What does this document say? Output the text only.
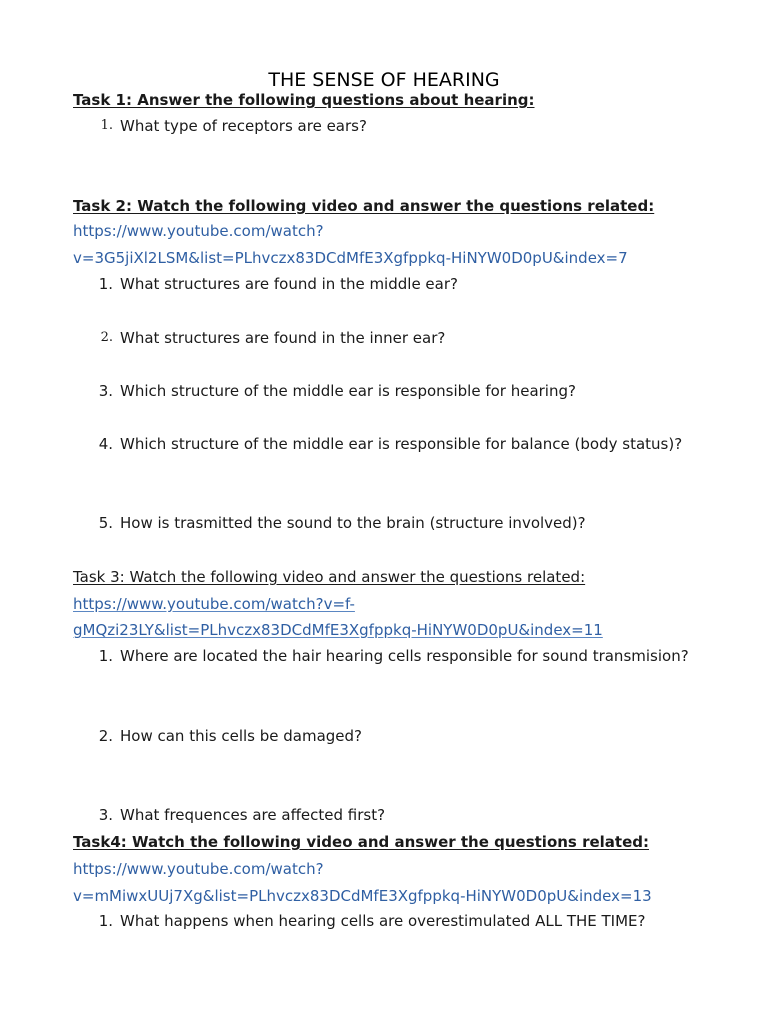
THE SENSE OF HEARING
Task 1: Answer the following questions about hearing:
1. What type of receptors are ears?
Task 2: Watch the following video and answer the questions related:
https://www.youtube.com/watch?
v=3G5jiXl2LSM&list=PLhvczx83DCdMfE3Xgfppkq-HiNYW0D0pU&index=7
1. What structures are found in the middle ear?
2. What structures are found in the inner ear?
3. Which structure of the middle ear is responsible for hearing?
4. Which structure of the middle ear is responsible for balance (body status)?
5. How is trasmitted the sound to the brain (structure involved)?
Task 3: Watch the following video and answer the questions related:
https://www.youtube.com/watch?v=f-
gMQzi23LY&list=PLhvczx83DCdMfE3Xgfppkq-HiNYW0D0pU&index=11
1. Where are located the hair hearing cells responsible for sound transmision?
2. How can this cells be damaged?
3. What frequences are affected first?
Task4: Watch the following video and answer the questions related:
https://www.youtube.com/watch?
v=mMiwxUUj7Xg&list=PLhvczx83DCdMfE3Xgfppkq-HiNYW0D0pU&index=13
1. What happens when hearing cells are overestimulated ALL THE TIME?
